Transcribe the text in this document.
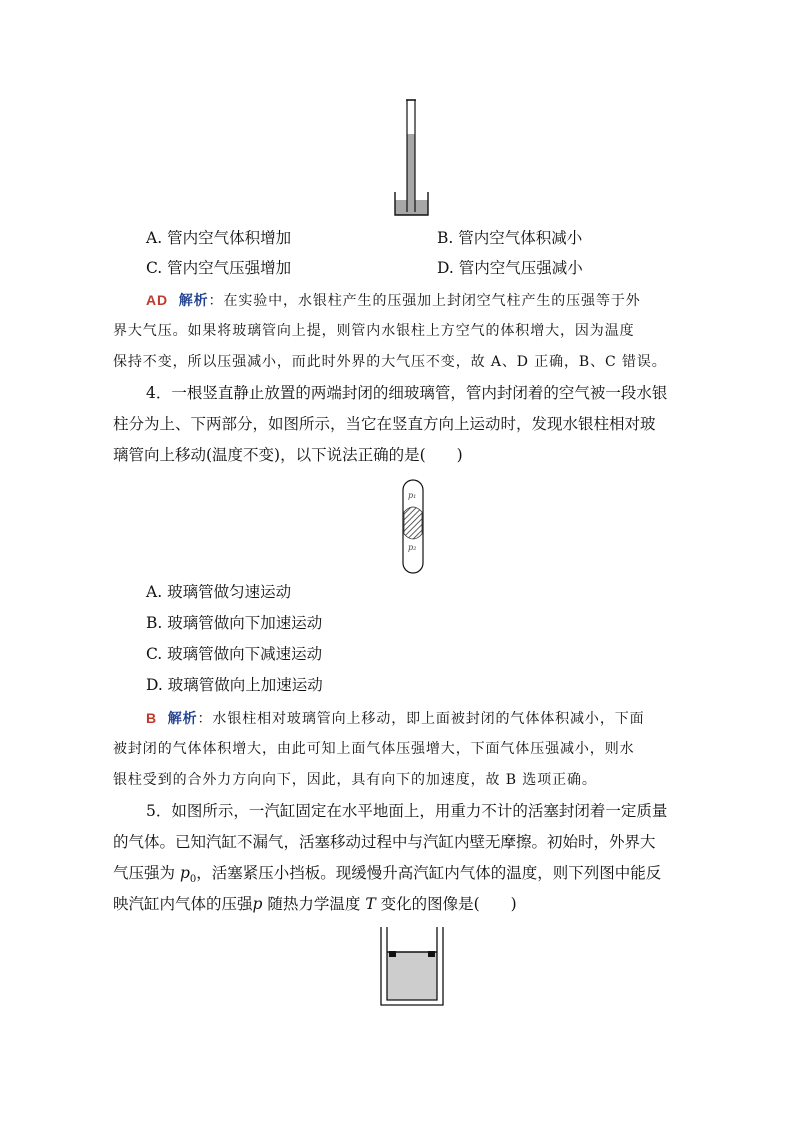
A. 管内空气体积增加	B. 管内空气体积减小
C. 管内空气压强增加	D. 管内空气压强减小
AD 解析：在实验中，水银柱产生的压强加上封闭空气柱产生的压强等于外
界大气压。如果将玻璃管向上提，则管内水银柱上方空气的体积增大，因为温度
保持不变，所以压强减小，而此时外界的大气压不变，故 A、D 正确，B、C 错误。
4．一根竖直静止放置的两端封闭的细玻璃管，管内封闭着的空气被一段水银
柱分为上、下两部分，如图所示，当它在竖直方向上运动时，发现水银柱相对玻
璃管向上移动(温度不变)，以下说法正确的是(　　)
p₁
p₂
A. 玻璃管做匀速运动
B. 玻璃管做向下加速运动
C. 玻璃管做向下减速运动
D. 玻璃管做向上加速运动
B 解析：水银柱相对玻璃管向上移动，即上面被封闭的气体体积减小，下面
被封闭的气体体积增大，由此可知上面气体压强增大，下面气体压强减小，则水
银柱受到的合外力方向向下，因此，具有向下的加速度，故 B 选项正确。
5．如图所示，一汽缸固定在水平地面上，用重力不计的活塞封闭着一定质量
的气体。已知汽缸不漏气，活塞移动过程中与汽缸内壁无摩擦。初始时，外界大
气压强为 $p_0$，活塞紧压小挡板。现缓慢升高汽缸内气体的温度，则下列图中能反
映汽缸内气体的压强p 随热力学温度 T 变化的图像是(　　)
